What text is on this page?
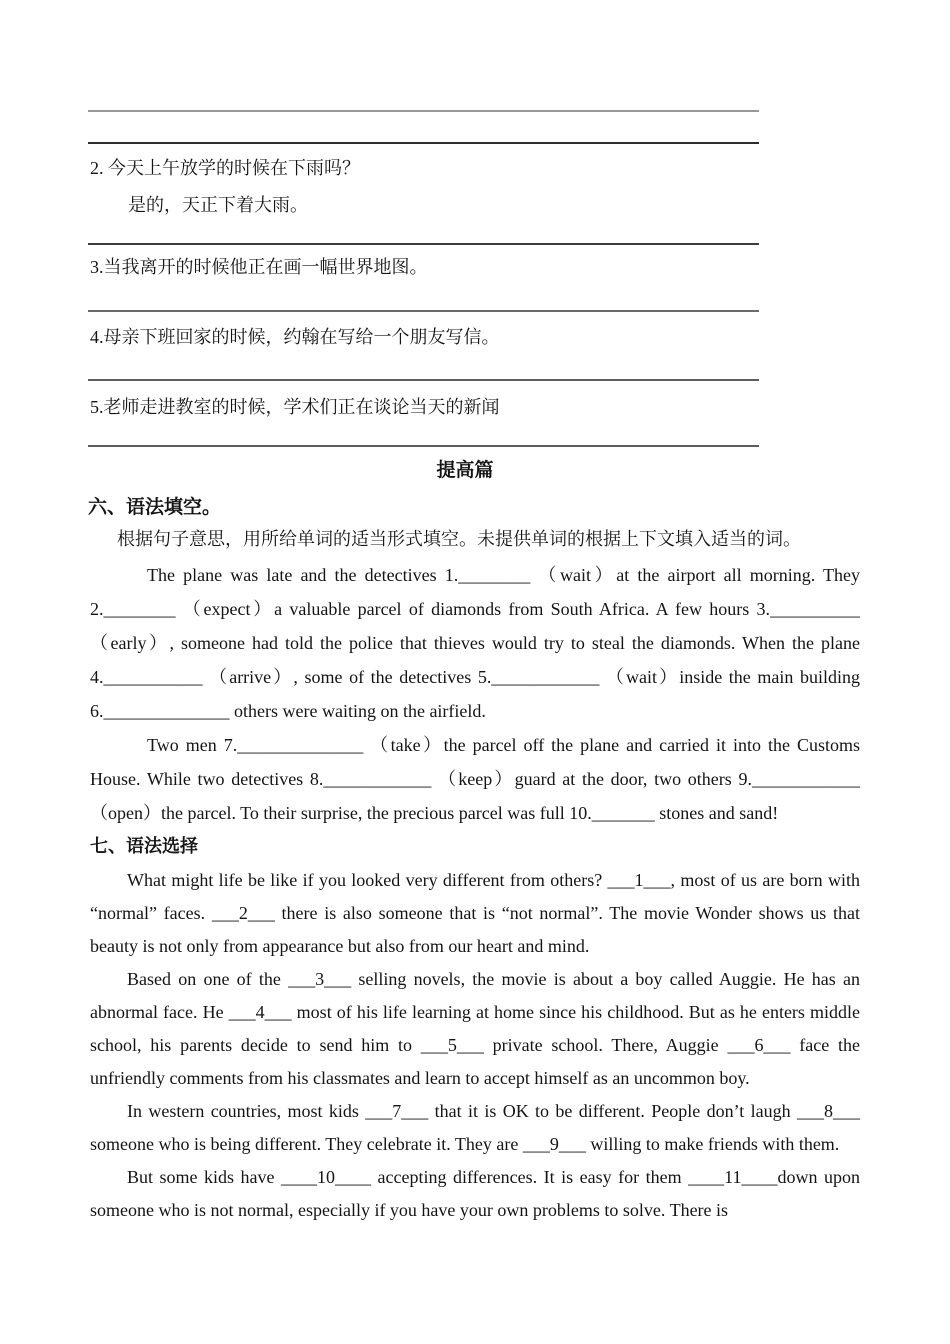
2. 今天上午放学的时候在下雨吗？
是的，天正下着大雨。
3.当我离开的时候他正在画一幅世界地图。
4.母亲下班回家的时候，约翰在写给一个朋友写信。
5.老师走进教室的时候，学术们正在谈论当天的新闻
提高篇
六、语法填空。
根据句子意思，用所给单词的适当形式填空。未提供单词的根据上下文填入适当的词。

The plane was late and the detectives 1.________ （wait）at the airport all morning. They 2.________ （expect）a valuable parcel of diamonds from South Africa. A few hours 3.__________ （early）, someone had told the police that thieves would try to steal the diamonds. When the plane 4.___________ （arrive）, some of the detectives 5.____________ （wait）inside the main building 6.______________ others were waiting on the airfield.

Two men 7.______________ （take）the parcel off the plane and carried it into the Customs House. While two detectives 8.____________ （keep）guard at the door, two others 9.____________ （open）the parcel. To their surprise, the precious parcel was full 10._______ stones and sand!

七、语法选择

What might life be like if you looked very different from others? ___1___, most of us are born with “normal” faces. ___2___ there is also someone that is “not normal”. The movie Wonder shows us that beauty is not only from appearance but also from our heart and mind.

Based on one of the ___3___ selling novels, the movie is about a boy called Auggie. He has an abnormal face. He ___4___ most of his life learning at home since his childhood. But as he enters middle school, his parents decide to send him to ___5___ private school. There, Auggie ___6___ face the unfriendly comments from his classmates and learn to accept himself as an uncommon boy.

In western countries, most kids ___7___ that it is OK to be different. People don’t laugh ___8___ someone who is being different. They celebrate it. They are ___9___ willing to make friends with them.

But some kids have ____10____ accepting differences. It is easy for them ____11____down upon someone who is not normal, especially if you have your own problems to solve. There is
